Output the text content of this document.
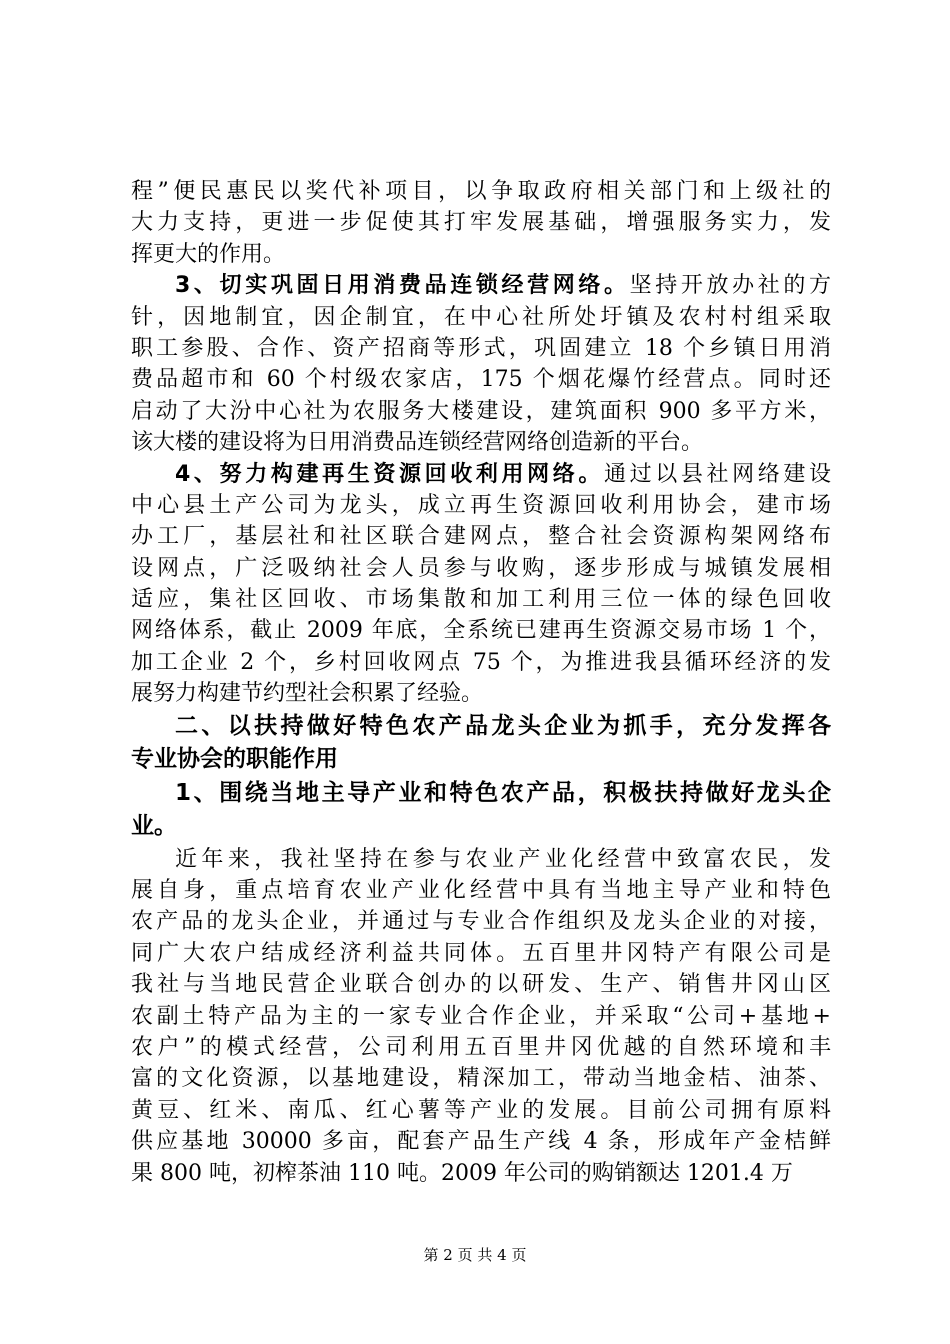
程”便民惠民以奖代补项目，以争取政府相关部门和上级社的
大力支持，更进一步促使其打牢发展基础，增强服务实力，发
挥更大的作用。
3、切实巩固日用消费品连锁经营网络。坚持开放办社的方
针，因地制宜，因企制宜，在中心社所处圩镇及农村村组采取
职工参股、合作、资产招商等形式，巩固建立 18 个乡镇日用消
费品超市和 60 个村级农家店，175 个烟花爆竹经营点。同时还
启动了大汾中心社为农服务大楼建设，建筑面积 900 多平方米，
该大楼的建设将为日用消费品连锁经营网络创造新的平台。
4、努力构建再生资源回收利用网络。通过以县社网络建设
中心县土产公司为龙头，成立再生资源回收利用协会，建市场
办工厂，基层社和社区联合建网点，整合社会资源构架网络布
设网点，广泛吸纳社会人员参与收购，逐步形成与城镇发展相
适应，集社区回收、市场集散和加工利用三位一体的绿色回收
网络体系，截止 2009 年底，全系统已建再生资源交易市场 1 个，
加工企业 2 个，乡村回收网点 75 个，为推进我县循环经济的发
展努力构建节约型社会积累了经验。
二、以扶持做好特色农产品龙头企业为抓手，充分发挥各
专业协会的职能作用
1、围绕当地主导产业和特色农产品，积极扶持做好龙头企
业。
近年来，我社坚持在参与农业产业化经营中致富农民，发
展自身，重点培育农业产业化经营中具有当地主导产业和特色
农产品的龙头企业，并通过与专业合作组织及龙头企业的对接，
同广大农户结成经济利益共同体。五百里井冈特产有限公司是
我社与当地民营企业联合创办的以研发、生产、销售井冈山区
农副土特产品为主的一家专业合作企业，并采取“公司+基地+
农户”的模式经营，公司利用五百里井冈优越的自然环境和丰
富的文化资源，以基地建设，精深加工，带动当地金桔、油茶、
黄豆、红米、南瓜、红心薯等产业的发展。目前公司拥有原料
供应基地 30000 多亩，配套产品生产线 4 条，形成年产金桔鲜
果 800 吨，初榨茶油 110 吨。2009 年公司的购销额达 1201.4 万
第 2 页 共 4 页
